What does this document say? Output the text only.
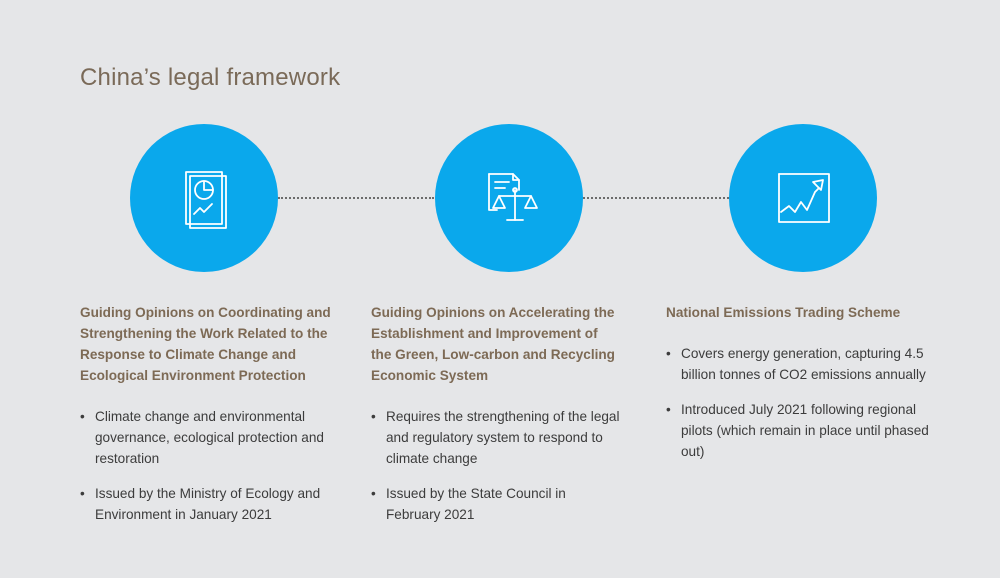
China’s legal framework

Guiding Opinions on Coordinating and Strengthening the Work Related to the Response to Climate Change and Ecological Environment Protection

• Climate change and environmental governance, ecological protection and restoration
• Issued by the Ministry of Ecology and Environment in January 2021

Guiding Opinions on Accelerating the Establishment and Improvement of the Green, Low-carbon and Recycling Economic System

• Requires the strengthening of the legal and regulatory system to respond to climate change
• Issued by the State Council in February 2021

National Emissions Trading Scheme

• Covers energy generation, capturing 4.5 billion tonnes of CO2 emissions annually
• Introduced July 2021 following regional pilots (which remain in place until phased out)
